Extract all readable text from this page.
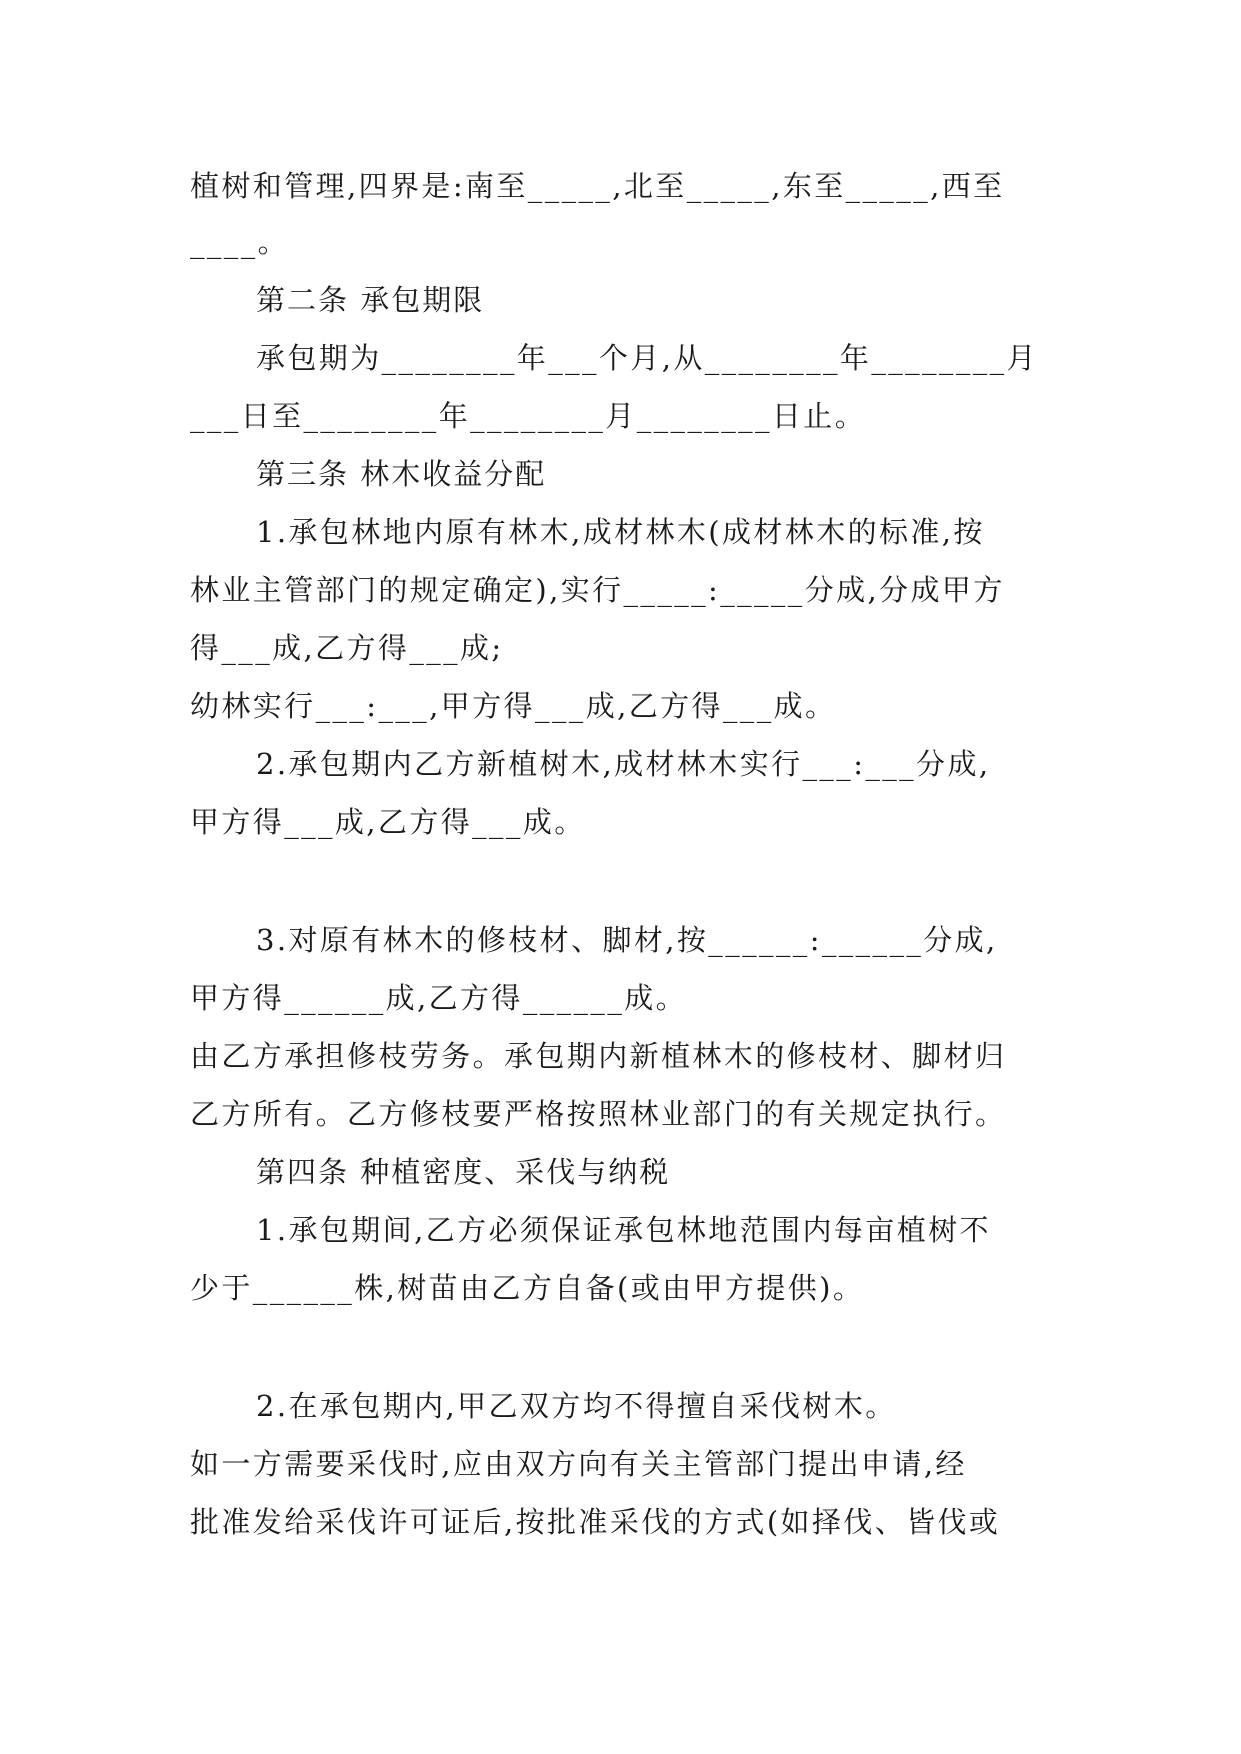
植树和管理,四界是:南至_____,北至_____,东至_____,西至
____。
第二条 承包期限
承包期为________年___个月,从________年________月
___日至________年________月________日止。
第三条 林木收益分配
1.承包林地内原有林木,成材林木(成材林木的标准,按
林业主管部门的规定确定),实行_____:_____分成,分成甲方
得___成,乙方得___成;
幼林实行___:___,甲方得___成,乙方得___成。
2.承包期内乙方新植树木,成材林木实行___:___分成,
甲方得___成,乙方得___成。
3.对原有林木的修枝材、脚材,按______:______分成,
甲方得______成,乙方得______成。
由乙方承担修枝劳务。承包期内新植林木的修枝材、脚材归
乙方所有。乙方修枝要严格按照林业部门的有关规定执行。
第四条 种植密度、采伐与纳税
1.承包期间,乙方必须保证承包林地范围内每亩植树不
少于______株,树苗由乙方自备(或由甲方提供)。
2.在承包期内,甲乙双方均不得擅自采伐树木。
如一方需要采伐时,应由双方向有关主管部门提出申请,经
批准发给采伐许可证后,按批准采伐的方式(如择伐、皆伐或
